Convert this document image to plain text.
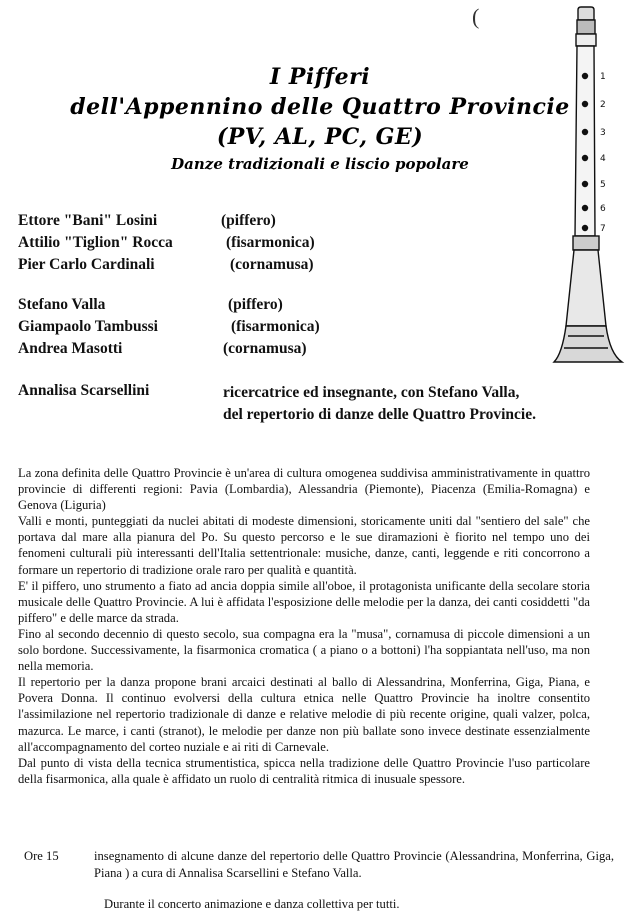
(
I Pifferi
dell'Appennino delle Quattro Provincie
(PV, AL, PC, GE)
Danze tradizionali e liscio popolare
Ettore "Bani" Losini	(piffero)
Attilio "Tiglion" Rocca	(fisarmonica)
Pier Carlo Cardinali	(cornamusa)
Stefano Valla	(piffero)
Giampaolo Tambussi	(fisarmonica)
Andrea Masotti	(cornamusa)
Annalisa Scarsellini	ricercatrice ed insegnante, con Stefano Valla,
del repertorio di danze delle Quattro Provincie.

La zona definita delle Quattro Provincie è un'area di cultura omogenea suddivisa amministrativamente in quattro provincie di differenti regioni: Pavia (Lombardia), Alessandria (Piemonte), Piacenza (Emilia-Romagna) e Genova (Liguria)

Valli e monti, punteggiati da nuclei abitati di modeste dimensioni, storicamente uniti dal "sentiero del sale" che portava dal mare alla pianura del Po. Su questo percorso e le sue diramazioni è fiorito nel tempo uno dei fenomeni culturali più interessanti dell'Italia settentrionale: musiche, danze, canti, leggende e riti concorrono a formare un repertorio di tradizione orale raro per qualità e quantità.

E' il piffero, uno strumento a fiato ad ancia doppia simile all'oboe, il protagonista unificante della secolare storia musicale delle Quattro Provincie. A lui è affidata l'esposizione delle melodie per la danza, dei canti cosiddetti "da piffero" e delle marce da strada.

Fino al secondo decennio di questo secolo, sua compagna era la "musa", cornamusa di piccole dimensioni a un solo bordone. Successivamente, la fisarmonica cromatica ( a piano o a bottoni) l'ha soppiantata nell'uso, ma non nella memoria.

Il repertorio per la danza propone brani arcaici destinati al ballo di Alessandrina, Monferrina, Giga, Piana, e Povera Donna. Il continuo evolversi della cultura etnica nelle Quattro Provincie ha inoltre consentito l'assimilazione nel repertorio tradizionale di danze e relative melodie di più recente origine, quali valzer, polca, mazurca. Le marce, i canti (stranot), le melodie per danze non più ballate sono invece destinate essenzialmente all'accompagnamento del corteo nuziale e ai riti di Carnevale.

Dal punto di vista della tecnica strumentistica, spicca nella tradizione delle Quattro Provincie l'uso particolare della fisarmonica, alla quale è affidato un ruolo di centralità ritmica di inusuale spessore.

Ore 15	insegnamento di alcune danze del repertorio delle Quattro Provincie (Alessandrina, Monferrina, Giga, Piana ) a cura di Annalisa Scarsellini e Stefano Valla.
Durante il concerto animazione e danza collettiva per tutti.
1
2
3
4
5
6
7
